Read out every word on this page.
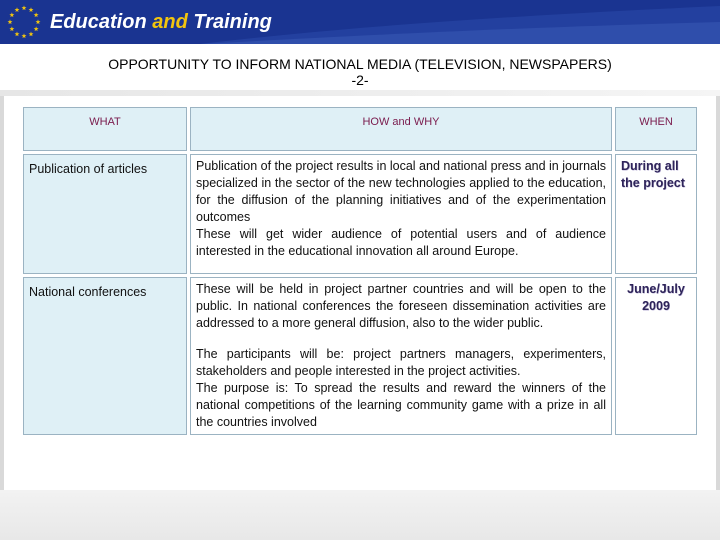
Education and Training
OPPORTUNITY TO INFORM NATIONAL MEDIA (TELEVISION, NEWSPAPERS)
-2-
WHAT	HOW and WHY	WHEN
Publication of articles	Publication of the project results in local and national press and in journals specialized in the sector of the new technologies applied to the education, for the diffusion of the planning initiatives and of the experimentation outcomes

These will get wider audience of potential users and of audience interested in the educational innovation all around Europe.	During all the project
National conferences	These will be held in project partner countries and will be open to the public. In national conferences the foreseen dissemination activities are addressed to a more general diffusion, also to the wider public.

The participants will be: project partners managers, experimenters, stakeholders and people interested in the project activities.

The purpose is: To spread the results and reward the winners of the national competitions of the learning community game with a prize in all the countries involved	June/July 2009
